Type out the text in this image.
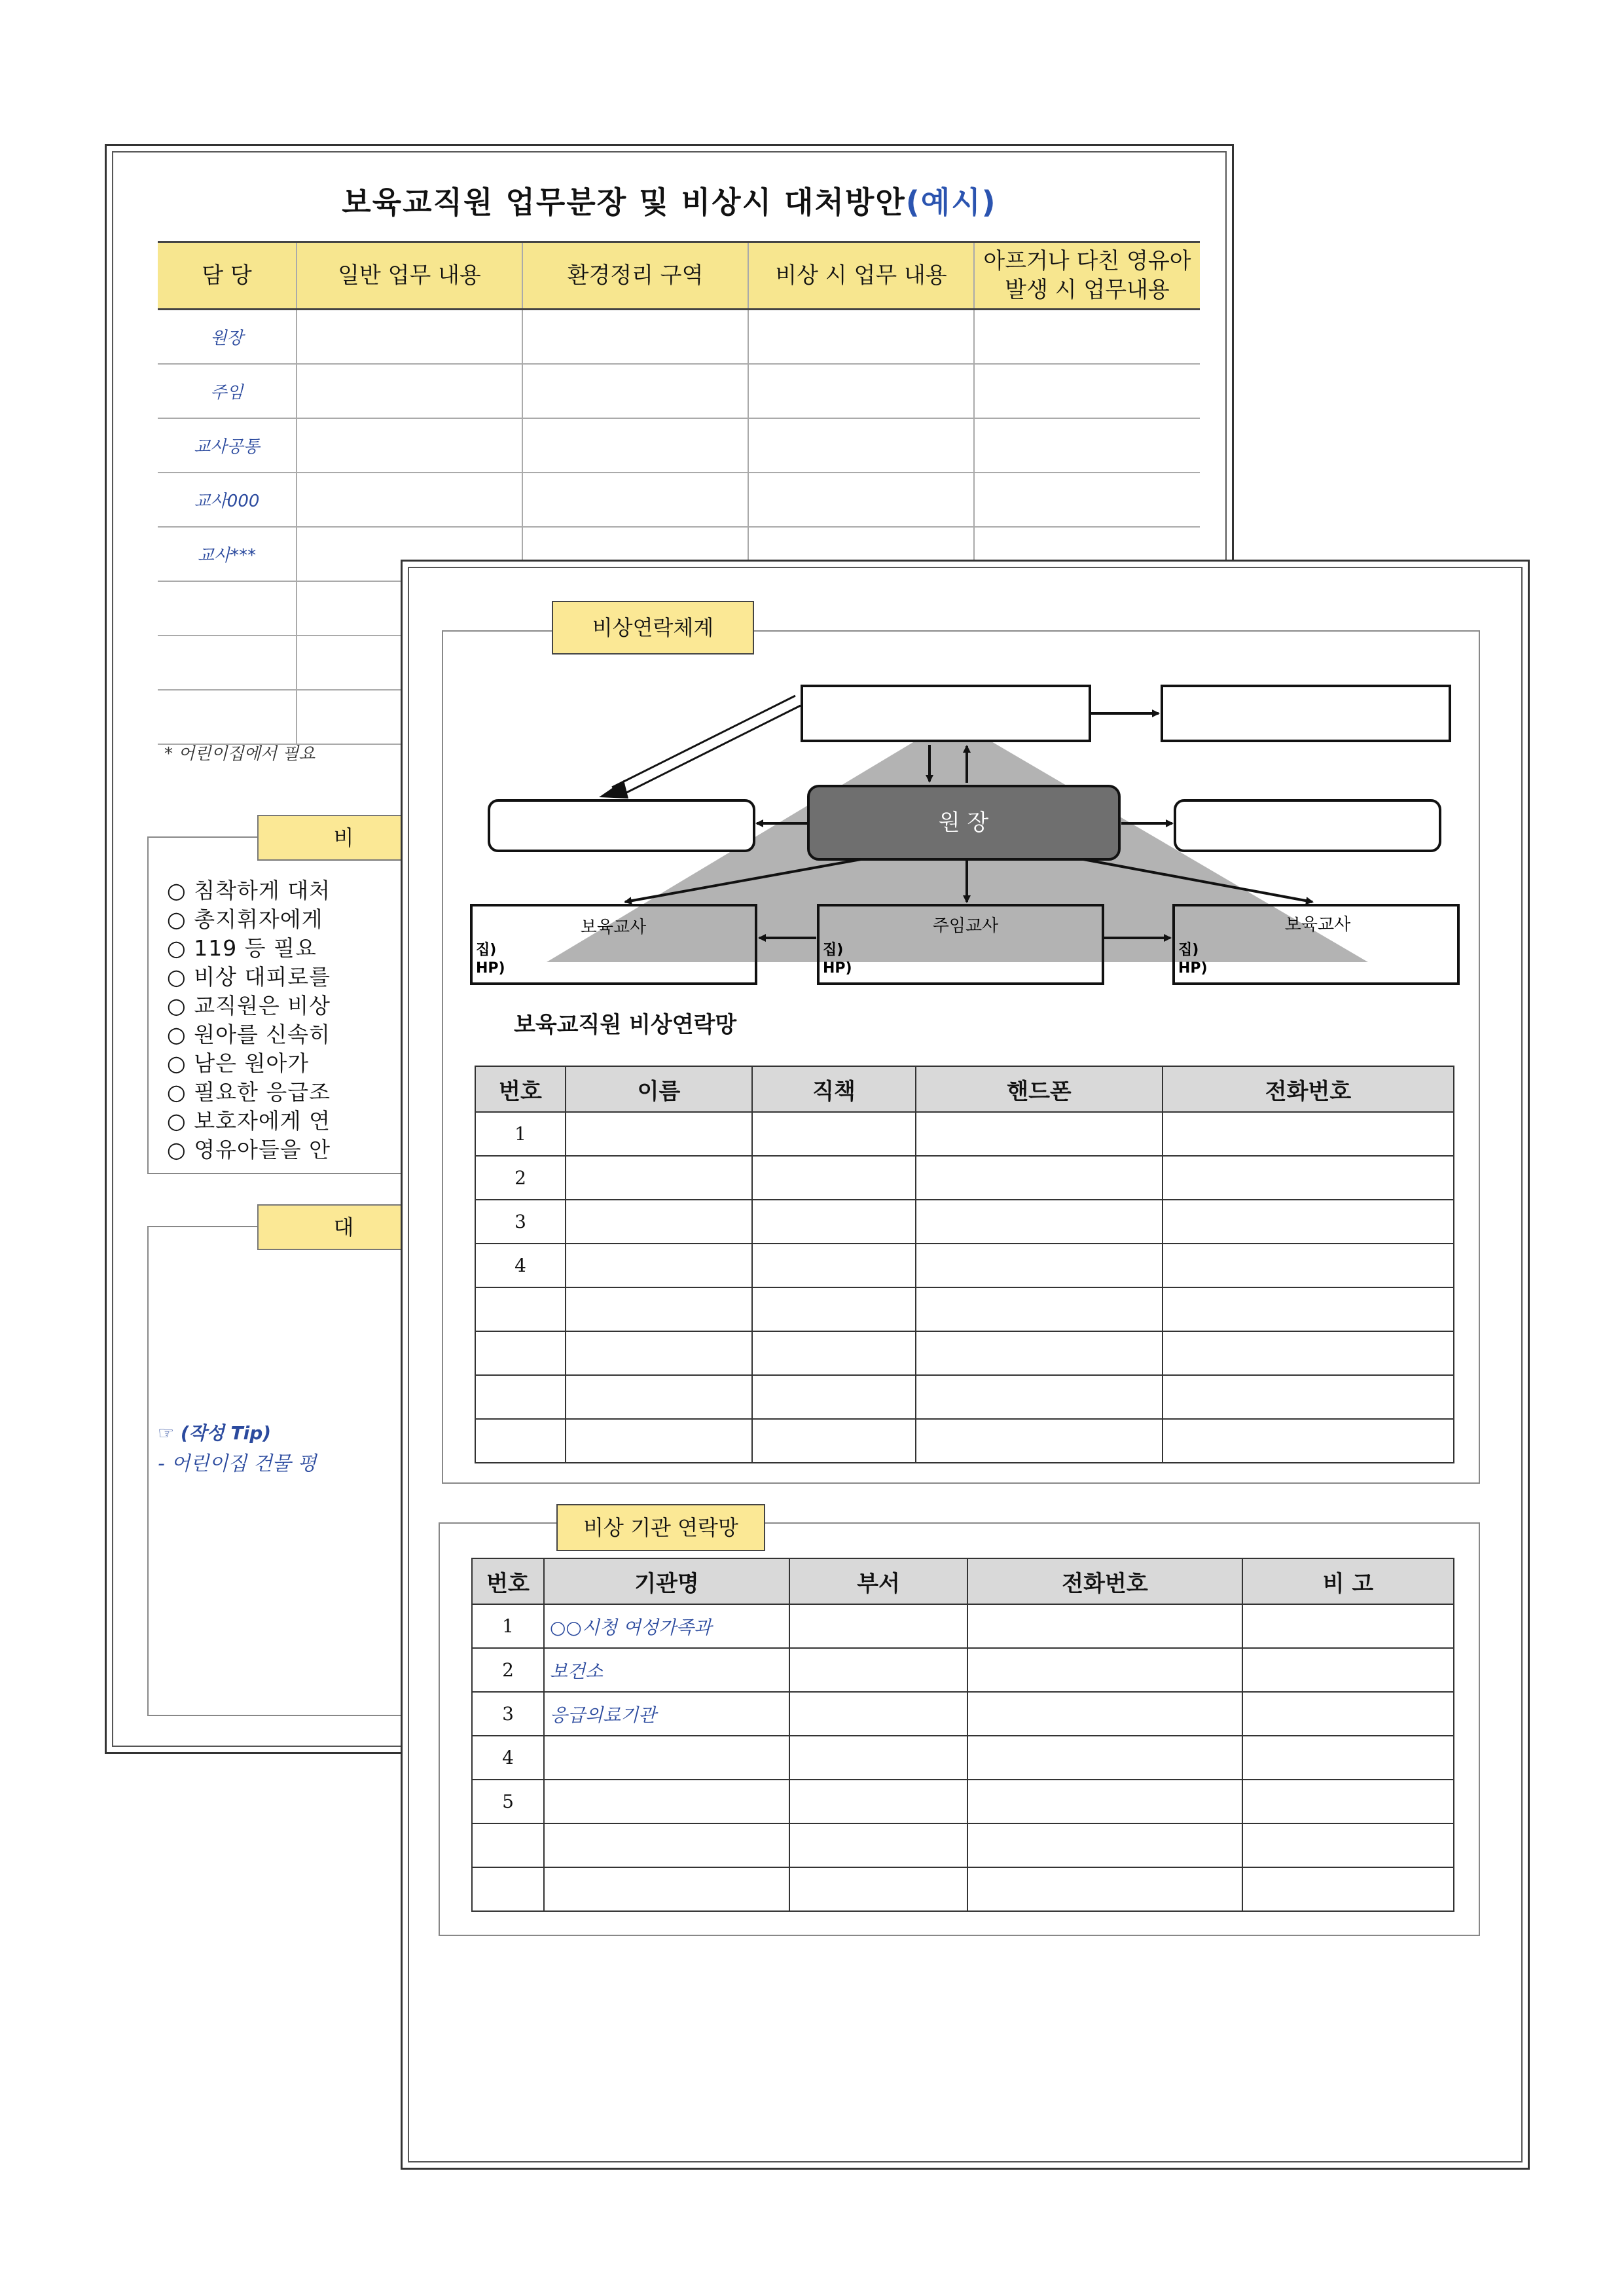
보육교직원 업무분장 및 비상시 대처방안(예시)
담 당	일반 업무 내용	환경정리 구역	비상 시 업무 내용	아프거나 다친 영유아 발생 시 업무내용
원장				
주임				
교사공통				
교사000				
교사***				

* 어린이집에서 필요
비
○ 침착하게 대처
○ 총지휘자에게
○ 119 등 필요
○ 비상 대피로를
○ 교직원은 비상
○ 원아를 신속히
○ 남은 원아가
○ 필요한 응급조
○ 보호자에게 연
○ 영유아들을 안
대
☞ (작성 Tip)
- 어린이집 건물 평
원 장
보육교사	주임교사	보육교사
집)
HP)
집)
HP)
집)
HP)
비상연락체계
보육교직원 비상연락망
번호	이름	직책	핸드폰	전화번호
1				
2				
3				
4				

비상 기관 연락망
번호	기관명	부서	전화번호	비 고
1	○○시청 여성가족과			
2	보건소			
3	응급의료기관			
4				
5				
